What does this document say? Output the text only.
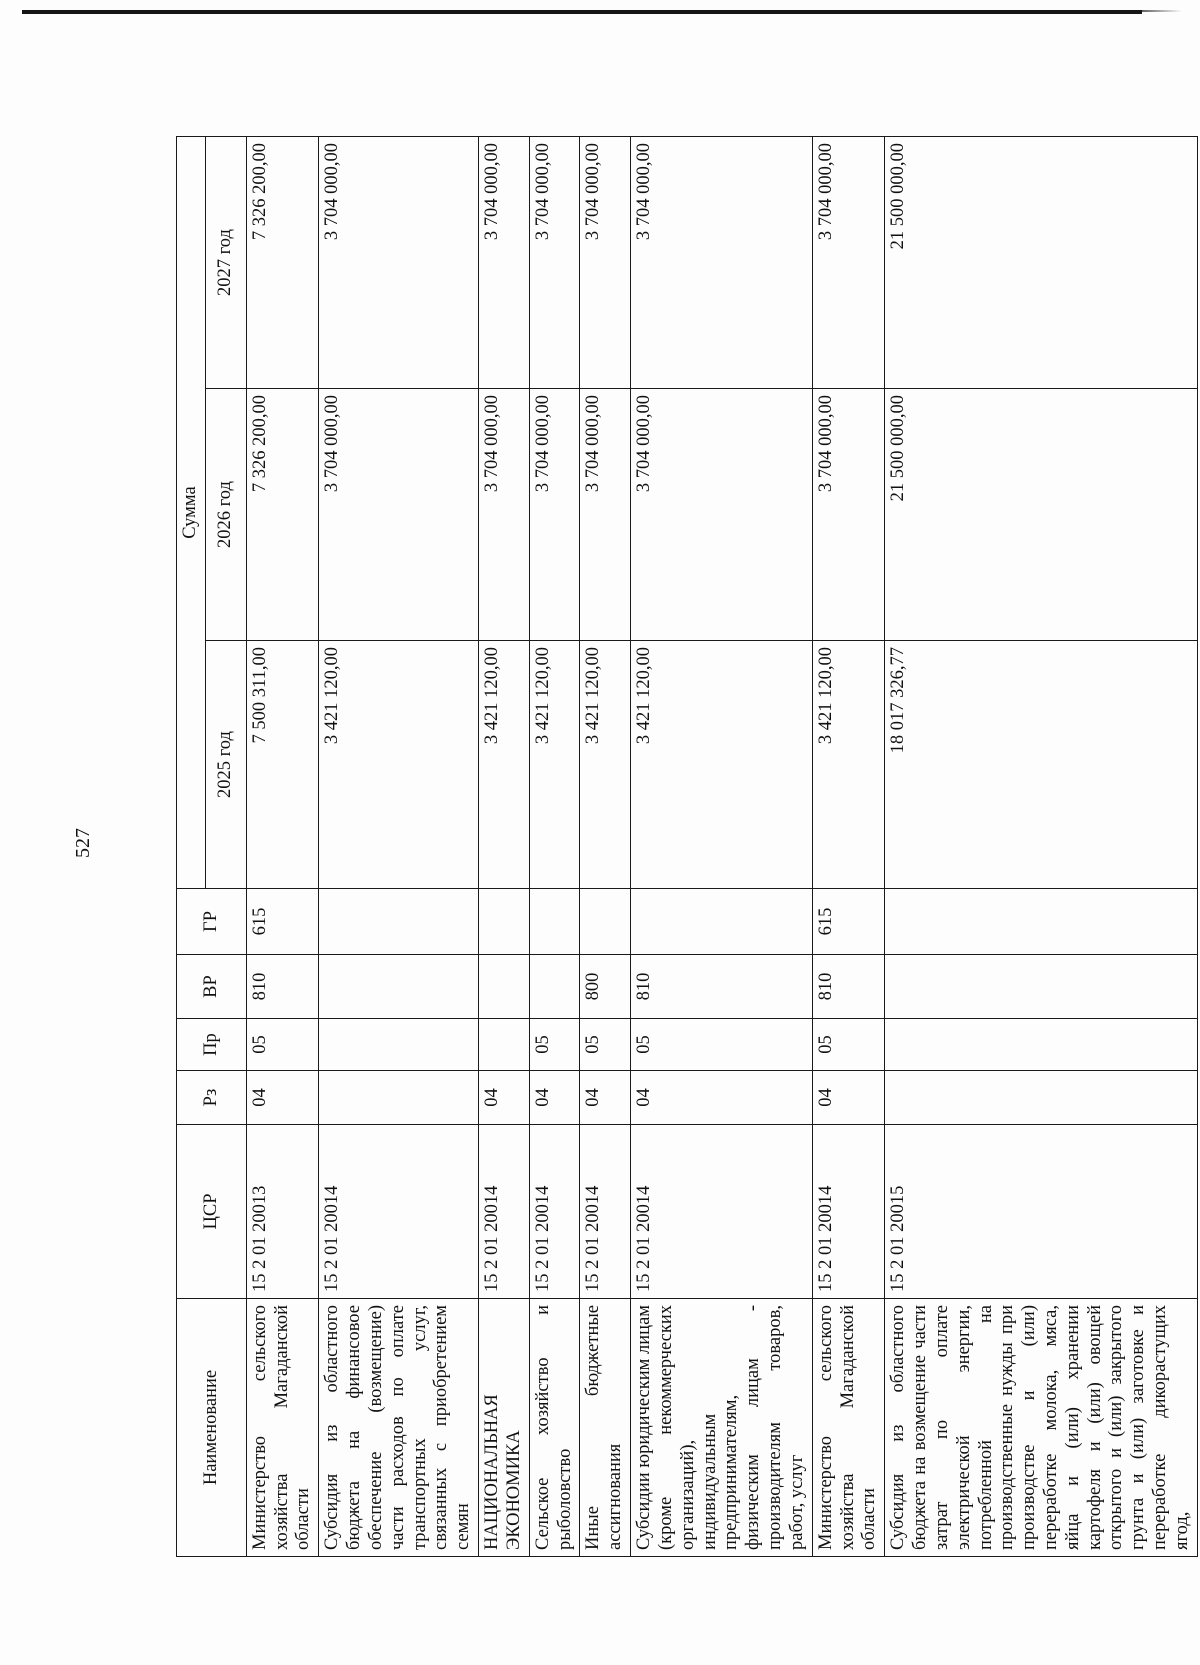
527
Наименование	ЦСР	Рз	Пр	ВР	ГР	Сумма		
						2025 год	2026 год	2027 год
Министерство сельского хозяйства Магаданской области	15 2 01 20013	04	05	810	615	7 500 311,00	7 326 200,00	7 326 200,00
Субсидия из областного бюджета на финансовое обеспечение (возмещение) части расходов по оплате транспортных услуг, связанных с приобретением семян	15 2 01 20014					3 421 120,00	3 704 000,00	3 704 000,00
НАЦИОНАЛЬНАЯ ЭКОНОМИКА	15 2 01 20014	04				3 421 120,00	3 704 000,00	3 704 000,00
Сельское хозяйство и рыболовство	15 2 01 20014	04	05			3 421 120,00	3 704 000,00	3 704 000,00
Иные бюджетные ассигнования	15 2 01 20014	04	05	800		3 421 120,00	3 704 000,00	3 704 000,00
Субсидии юридическим лицам (кроме некоммерческих организаций), индивидуальным предпринимателям, физическим лицам - производителям товаров, работ, услуг	15 2 01 20014	04	05	810		3 421 120,00	3 704 000,00	3 704 000,00
Министерство сельского хозяйства Магаданской области	15 2 01 20014	04	05	810	615	3 421 120,00	3 704 000,00	3 704 000,00
Субсидия из областного бюджета на возмещение части затрат по оплате электрической энергии, потребленной на производственные нужды при производстве и (или) переработке молока, мяса, яйца и (или) хранении картофеля и (или) овощей открытого и (или) закрытого грунта и (или) заготовке и переработке дикорастущих ягод,	15 2 01 20015					18 017 326,77	21 500 000,00	21 500 000,00
